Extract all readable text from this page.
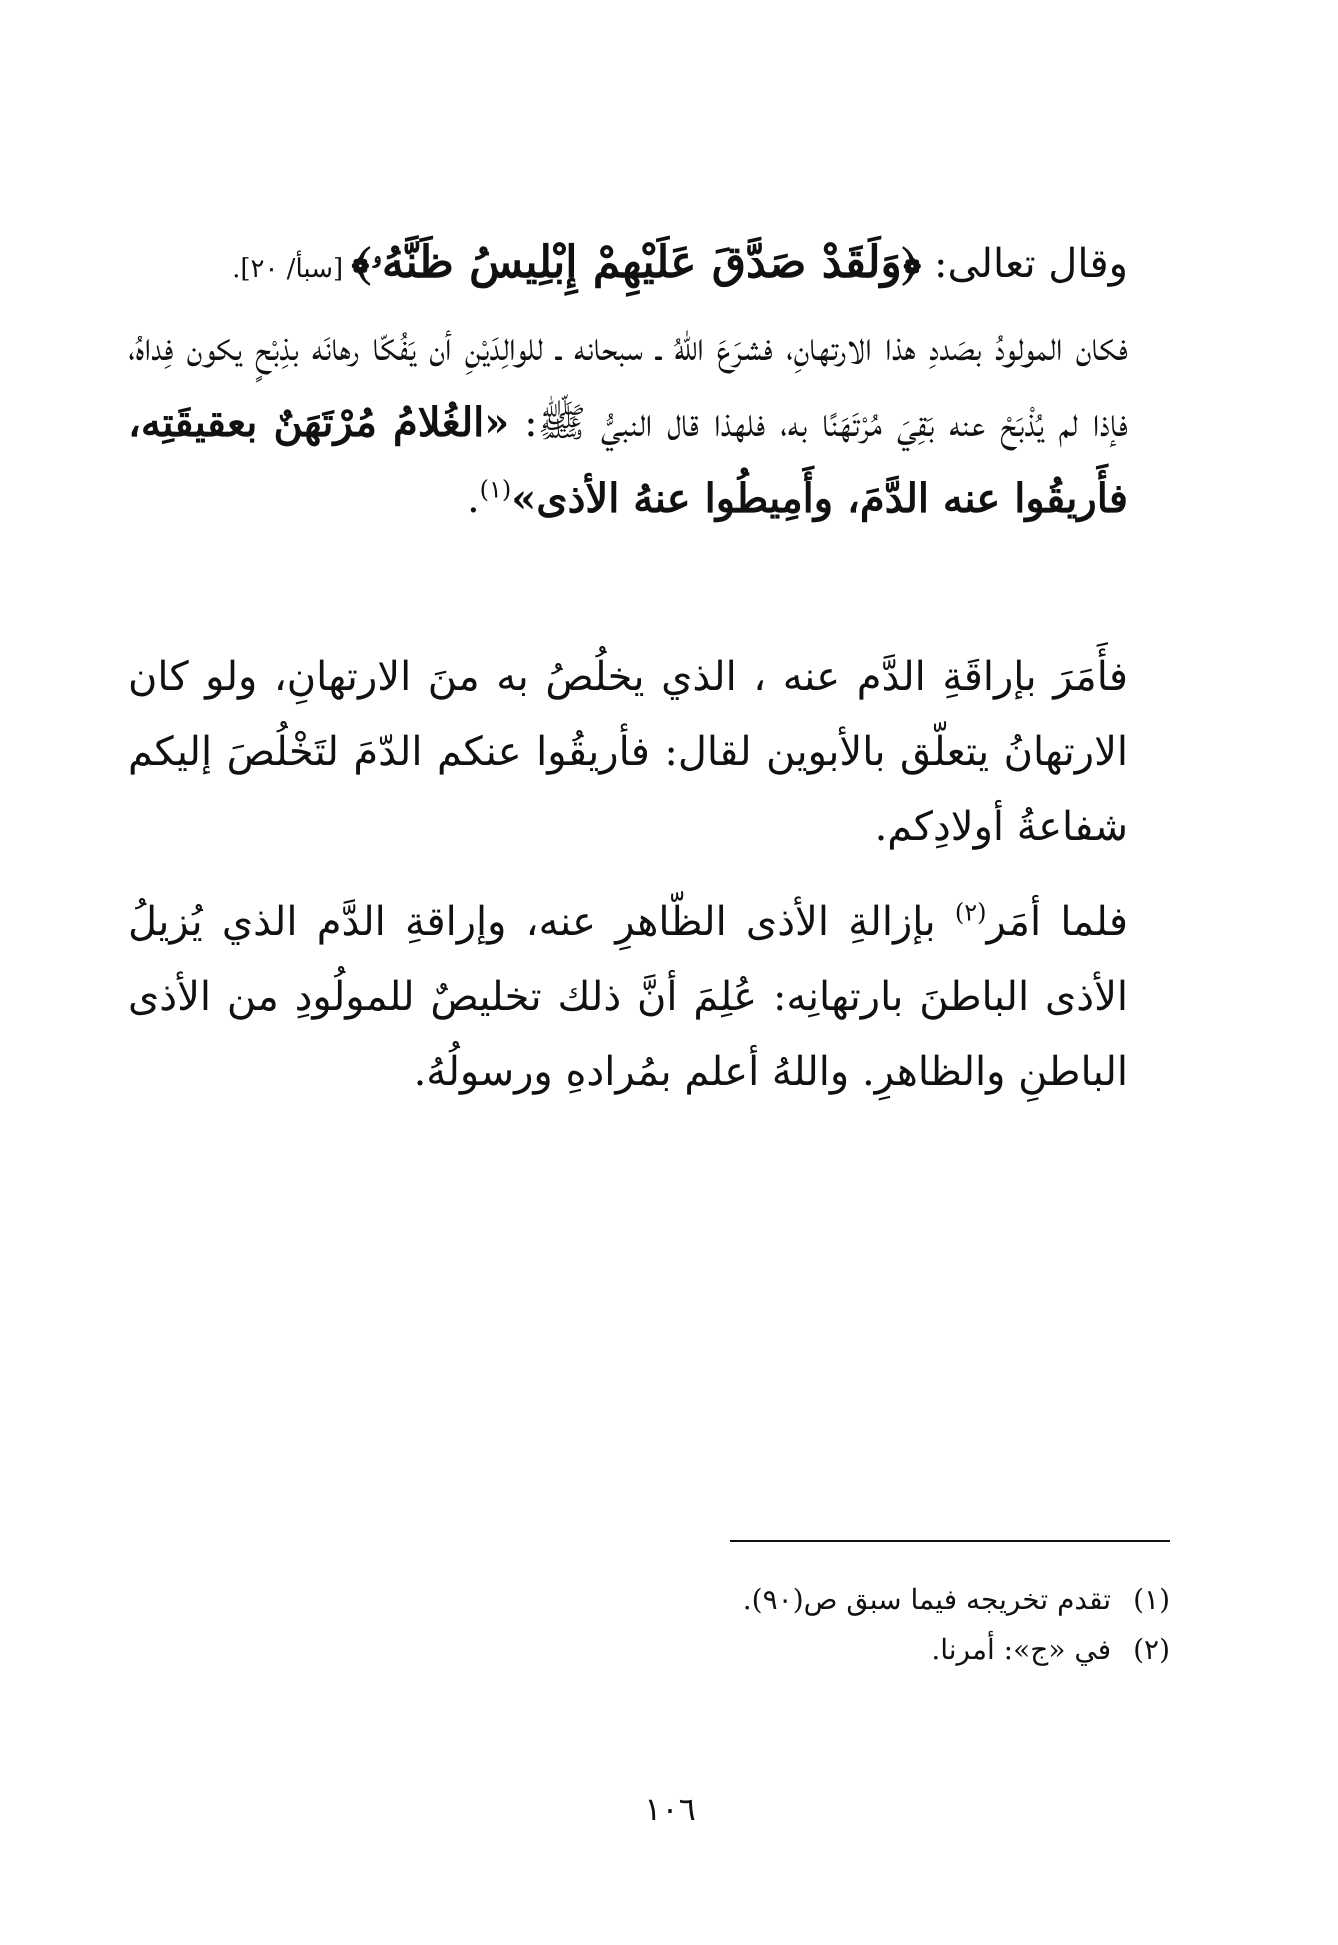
وقال تعالى: ﴿وَلَقَدْ صَدَّقَ عَلَيْهِمْ إِبْلِيسُ ظَنَّهُۥ﴾ [سبأ/ ٢٠].

فكان المولودُ بصَددِ هذا الارتهانِ، فشرَعَ اللهُ ـ سبحانه ـ للوالِدَيْنِ أن يَفُكّا رهانَه بذِبْحٍ يكون فِداهُ، فإذا لم يُذْبَحْ عنه بَقِيَ مُرْتَهَنًا به، فلهذا قال النبيُّ ﷺ: «الغُلامُ مُرْتَهَنٌ بعقيقَتِه، فأَريقُوا عنه الدَّمَ، وأَمِيطُوا عنهُ الأذى»$^{(١)}$.

فأَمَرَ بإراقَةِ الدَّم عنه ، الذي يخلُصُ به منَ الارتهانِ، ولو كان الارتهانُ يتعلّق بالأبوين لقال: فأريقُوا عنكم الدّمَ لتَخْلُصَ إليكم شفاعةُ أولادِكم.

فلما أمَر$^{(٢)}$ بإزالةِ الأذى الظّاهرِ عنه، وإراقةِ الدَّم الذي يُزيلُ الأذى الباطنَ بارتهانِه: عُلِمَ أنَّ ذلك تخليصٌ للمولُودِ من الأذى الباطنِ والظاهرِ. واللهُ أعلم بمُرادهِ ورسولُهُ.

(١)تقدم تخريجه فيما سبق ص(٩٠).
(٢)في «ج»: أمرنا.
١٠٦
